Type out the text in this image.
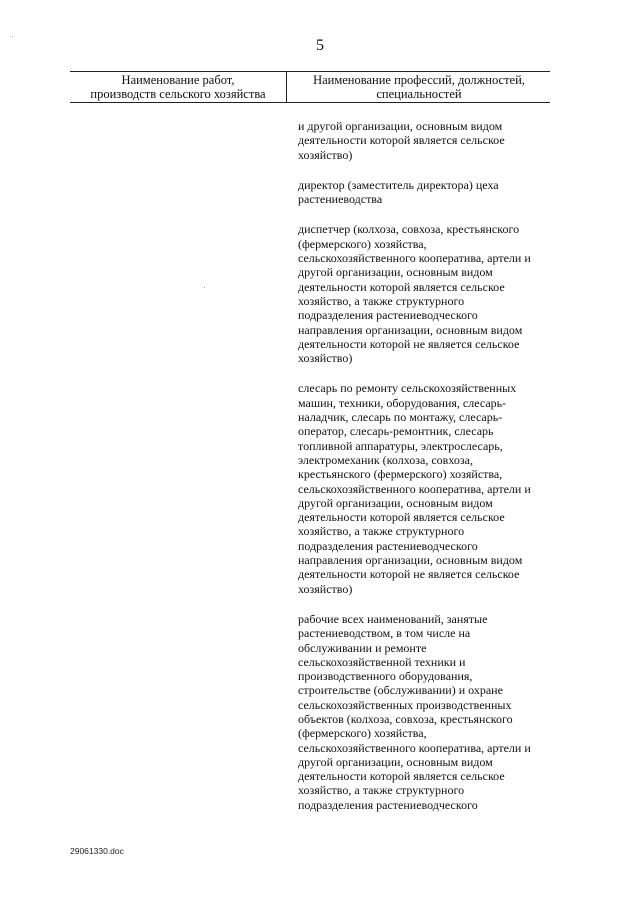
5
Наименование работ,
производств сельского хозяйства
Наименование профессий, должностей,
специальностей

и другой организации, основным видом
деятельности которой является сельское
хозяйство)

директор (заместитель директора) цеха
растениеводства

диспетчер (колхоза, совхоза, крестьянского
(фермерского) хозяйства,
сельскохозяйственного кооператива, артели и
другой организации, основным видом
деятельности которой является сельское
хозяйство, а также структурного
подразделения растениеводческого
направления организации, основным видом
деятельности которой не является сельское
хозяйство)

слесарь по ремонту сельскохозяйственных
машин, техники, оборудования, слесарь-
наладчик, слесарь по монтажу, слесарь-
оператор, слесарь-ремонтник, слесарь
топливной аппаратуры, электрослесарь,
электромеханик (колхоза, совхоза,
крестьянского (фермерского) хозяйства,
сельскохозяйственного кооператива, артели и
другой организации, основным видом
деятельности которой является сельское
хозяйство, а также структурного
подразделения растениеводческого
направления организации, основным видом
деятельности которой не является сельское
хозяйство)

рабочие всех наименований, занятые
растениеводством, в том числе на
обслуживании и ремонте
сельскохозяйственной техники и
производственного оборудования,
строительстве (обслуживании) и охране
сельскохозяйственных производственных
объектов (колхоза, совхоза, крестьянского
(фермерского) хозяйства,
сельскохозяйственного кооператива, артели и
другой организации, основным видом
деятельности которой является сельское
хозяйство, а также структурного
подразделения растениеводческого

29061330.doc
